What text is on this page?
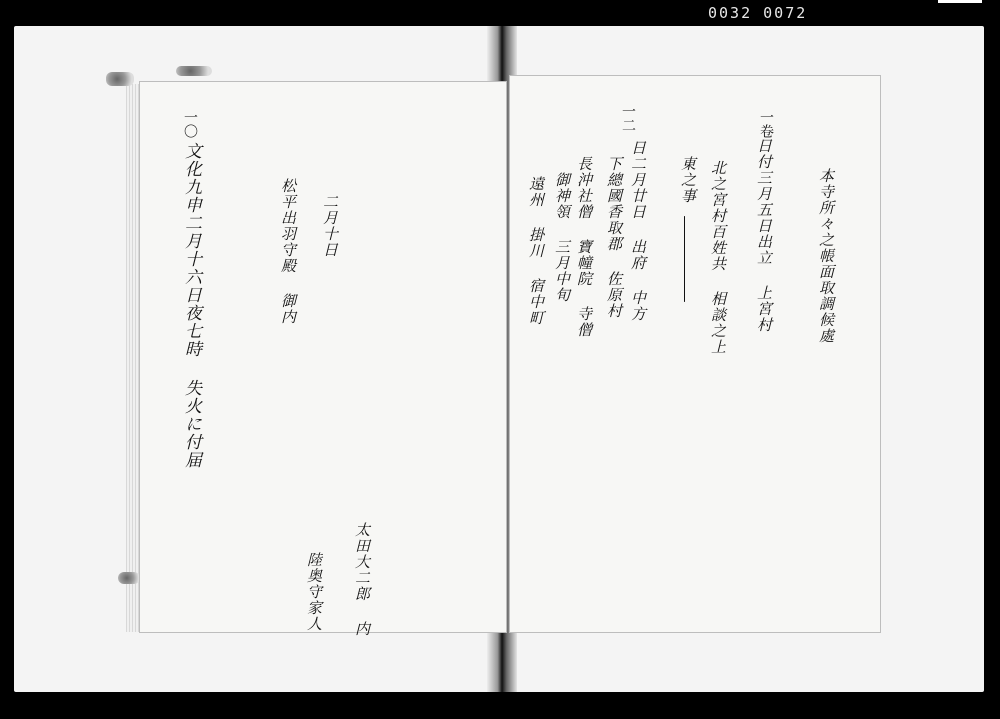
0032 0072
一〇
文化九申二月十六日夜七時 失火に付届	松平出羽守殿 御内 二月十日
太田大二郎 内
陸奥守家人
一二	一卷
本寺所々之帳面取調候處
日付三月五日出立 上宮村
北之宮村百姓共 相談之上
東之事
日二月廿日 出府 中方
下總國香取郡 佐原村
長沖社僧 寶幢院 寺僧
御神領 三月中旬
遠州 掛川 宿中町
